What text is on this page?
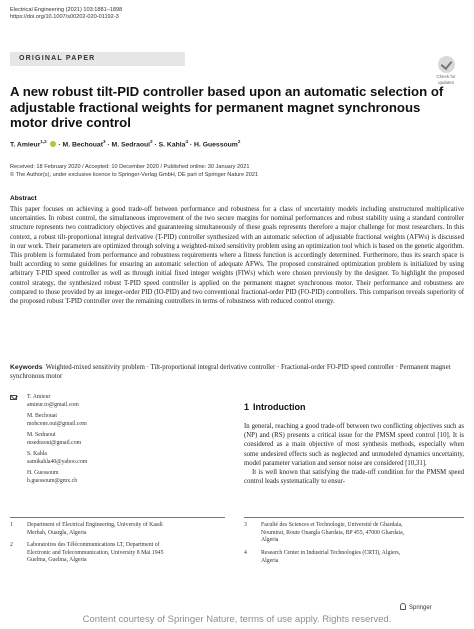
Electrical Engineering (2021) 103:1881–1898
https://doi.org/10.1007/s00202-020-01192-3
ORIGINAL PAPER
Check for
updates
A new robust tilt-PID controller based upon an automatic selection of adjustable fractional weights for permanent magnet synchronous motor drive control
T. Amieur$^{1,2}$  · M. Bechouat$^3$ · M. Sedraoui$^2$ · S. Kahla$^4$ · H. Guessoum$^2$
Received: 18 February 2020 / Accepted: 10 December 2020 / Published online: 30 January 2021
© The Author(s), under exclusive licence to Springer-Verlag GmbH, DE part of Springer Nature 2021
Abstract

This paper focuses on achieving a good trade-off between performance and robustness for a class of uncertainty models including unstructured multiplicative uncertainties. In robust control, the simultaneous improvement of the two secure margins for nominal performances and robust stability using a standard controller structure represents two contradictory objectives and guaranteeing simultaneously of these goals represents therefore a major challenge for most researchers. In this context, a robust tilt-proportional integral derivative (T-PID) controller synthesized with an automatic selection of adjustable fractional weights (AFWs) is discussed in our work. Their parameters are optimized through solving a weighted-mixed sensitivity problem using an optimization tool which is based on the genetic algorithm. This problem is formulated from performance and robustness requirements where a fitness function is accordingly determined. Furthermore, thus its search space is built according to some guidelines for ensuring an automatic selection of adequate AFWs. The proposed constrained optimization problem is initialized by using arbitrary T-PID speed controller as well as through initial fixed integer weights (FIWs) which were chosen previously by the designer. To highlight the proposed control strategy, the synthesized robust T-PID speed controller is applied on the permanent magnet synchronous motor. Their performance and robustness are compared to those provided by an integer-order PID (IO-PID) and two conventional fractional-order PID (FO-PID) controllers. This comparison reveals superiority of the proposed robust T-PID controller over the remaining controllers in terms of robustness with reduced control energy.

Keywords Weighted-mixed sensitivity problem · Tilt-proportional integral derivative controller · Fractional-order FO-PID speed controller · Permanent magnet synchronous motor

T. Amieur
amieur.to@gmail.com
M. Bechouat
mohcene.oui@gmail.com
M. Sedraoui
msedraoui@gmail.com
S. Kahla
samikahla40@yahoo.com
H. Guessoum
h.guessoum@gmx.ch
1 Department of Electrical Engineering, University of Kasdi
Merbah, Ouargla, Algeria
2 Laboratoires des Télécommunications LT, Department of
Electronic and Telecommunication, University 8 Mai 1945
Guelma, Guelma, Algeria
1 Introduction
In general, reaching a good trade-off between two conflicting objectives such as (NP) and (RS) presents a critical issue for the PMSM speed control [10]. It is considered as a main objective of most synthesis methods, especially when some undesired effects such as neglected and unmodeled dynamics uncertainty, model parameter variation and sensor noise are considered [10,31].
It is well known that satisfying the trade-off condition for the PMSM speed control leads systematically to ensur-
3 Faculté des Sciences et Technologie, Université de Ghardaia,
Noumirat, Route Ouargla Ghardaia, BP 455, 47000 Ghardaia,
Algeria
4 Research Center in Industrial Technologies (CRTI), Algiers,
Algeria
Springer
Content courtesy of Springer Nature, terms of use apply. Rights reserved.
